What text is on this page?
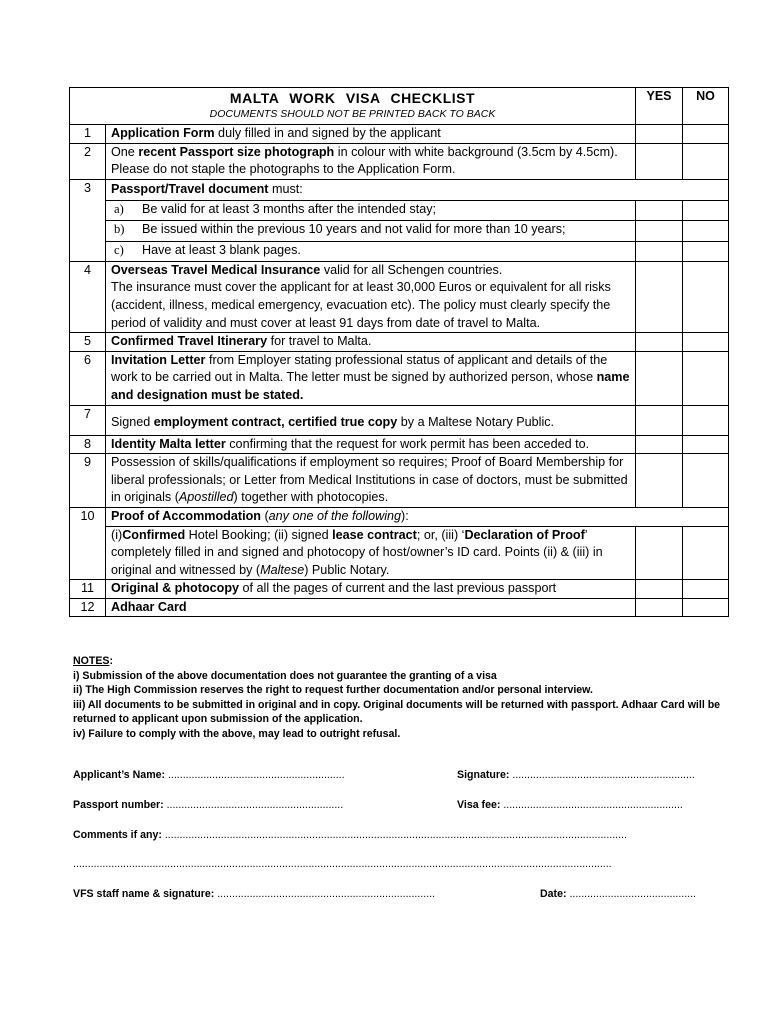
MALTA WORK VISA CHECKLIST
DOCUMENTS SHOULD NOT BE PRINTED BACK TO BACK		YES	NO
1	Application Form duly filled in and signed by the applicant		
2	One recent Passport size photograph in colour with white background (3.5cm by 4.5cm). Please do not staple the photographs to the Application Form.		
3	Passport/Travel document must:		
	a) Be valid for at least 3 months after the intended stay;		
	b) Be issued within the previous 10 years and not valid for more than 10 years;		
	c) Have at least 3 blank pages.		
4	Overseas Travel Medical Insurance valid for all Schengen countries.
The insurance must cover the applicant for at least 30,000 Euros or equivalent for all risks (accident, illness, medical emergency, evacuation etc). The policy must clearly specify the period of validity and must cover at least 91 days from date of travel to Malta.		
5	Confirmed Travel Itinerary for travel to Malta.		
6	Invitation Letter from Employer stating professional status of applicant and details of the work to be carried out in Malta. The letter must be signed by authorized person, whose name and designation must be stated.		
7	Signed employment contract, certified true copy by a Maltese Notary Public.		
8	Identity Malta letter confirming that the request for work permit has been acceded to.		
9	Possession of skills/qualifications if employment so requires; Proof of Board Membership for liberal professionals; or Letter from Medical Institutions in case of doctors, must be submitted in originals (Apostilled) together with photocopies.		
10	Proof of Accommodation (any one of the following):		
	(i)Confirmed Hotel Booking; (ii) signed lease contract; or, (iii) ‘Declaration of Proof’ completely filled in and signed and photocopy of host/owner’s ID card. Points (ii) & (iii) in original and witnessed by (Maltese) Public Notary.		
11	Original & photocopy of all the pages of current and the last previous passport		
12	Adhaar Card		
NOTES:
i) Submission of the above documentation does not guarantee the granting of a visa
ii) The High Commission reserves the right to request further documentation and/or personal interview.
iii) All documents to be submitted in original and in copy. Original documents will be returned with passport. Adhaar Card will be returned to applicant upon submission of the application.
iv) Failure to comply with the above, may lead to outright refusal.
Applicant’s Name: ............................................................	Signature: ..............................................................
Passport number: ............................................................	Visa fee: .............................................................
Comments if any: .............................................................................................................................................................
.......................................................................................................................................................................................
VFS staff name & signature: ..........................................................................	Date: ...........................................
